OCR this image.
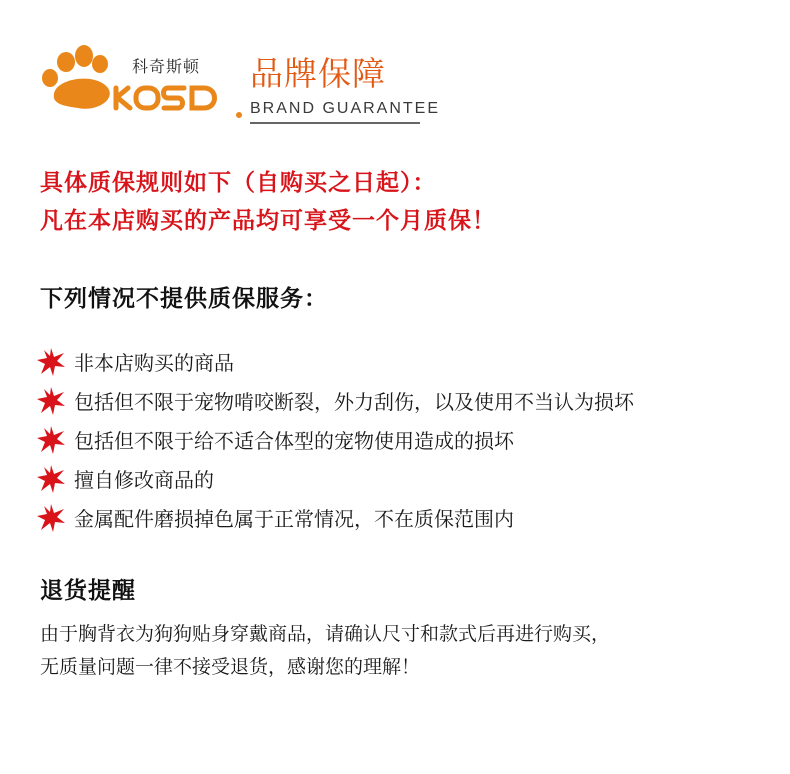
科奇斯顿 品牌保障
BRAND GUARANTEE
具体质保规则如下（自购买之日起）：
凡在本店购买的产品均可享受一个月质保！
下列情况不提供质保服务：
非本店购买的商品
包括但不限于宠物啃咬断裂，外力刮伤，以及使用不当认为损坏
包括但不限于给不适合体型的宠物使用造成的损坏
擅自修改商品的
金属配件磨损掉色属于正常情况，不在质保范围内
退货提醒
由于胸背衣为狗狗贴身穿戴商品，请确认尺寸和款式后再进行购买，
无质量问题一律不接受退货，感谢您的理解！
